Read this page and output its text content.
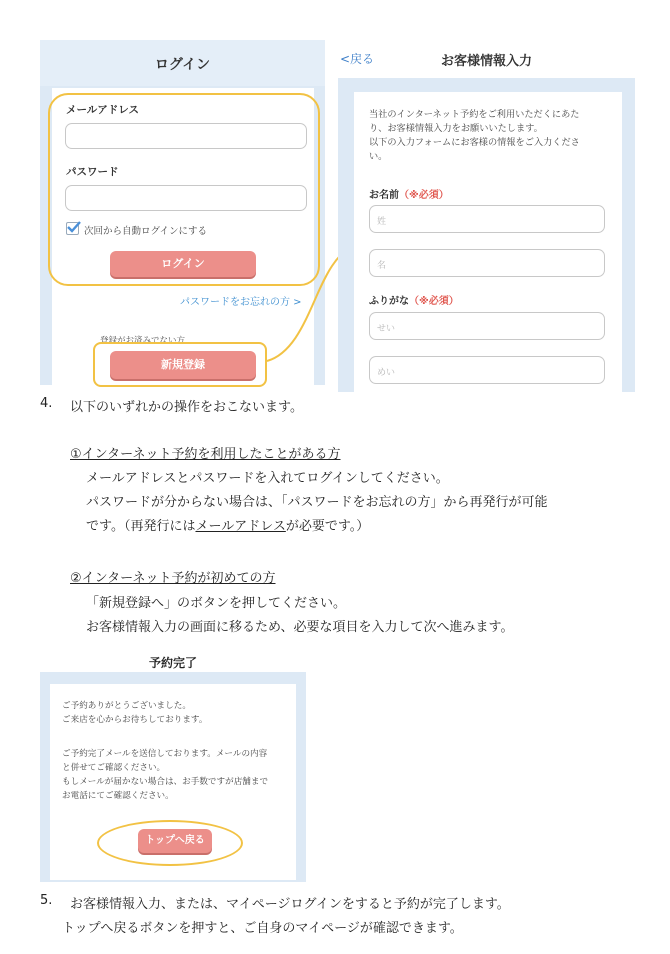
ログイン
メールアドレス
パスワード
次回から自動ログインにする
ログイン
パスワードをお忘れの方 >
登録がお済みでない方
新規登録
<戻る	お客様情報入力
当社のインターネット予約をご利用いただくにあた
り、お客様情報入力をお願いいたします。
以下の入力フォームにお客様の情報をご入力くださ
い。
お名前（※必須）
姓
名
ふりがな（※必須）
せい
めい
4. 以下のいずれかの操作をおこないます。
①インターネット予約を利用したことがある方
メールアドレスとパスワードを入れてログインしてください。
パスワードが分からない場合は、「パスワードをお忘れの方」から再発行が可能
です。（再発行にはメールアドレスが必要です。）
②インターネット予約が初めての方
「新規登録へ」のボタンを押してください。
お客様情報入力の画面に移るため、必要な項目を入力して次へ進みます。
予約完了
ご予約ありがとうございました。
ご来店を心からお待ちしております。
ご予約完了メールを送信しております。メールの内容
と併せてご確認ください。
もしメールが届かない場合は、お手数ですが店舗まで
お電話にてご確認ください。
トップへ戻る
5. お客様情報入力、または、マイページログインをすると予約が完了します。
トップへ戻るボタンを押すと、ご自身のマイページが確認できます。
